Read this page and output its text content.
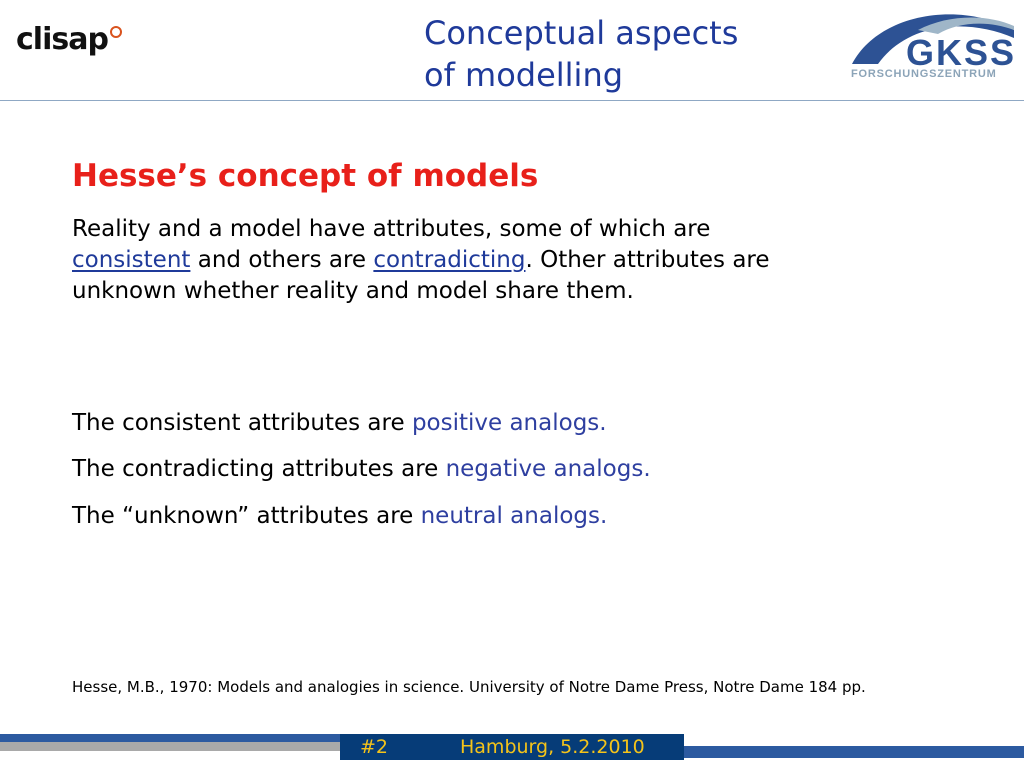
clisap	Conceptual aspects
of modelling
GKSS
FORSCHUNGSZENTRUM
Hesse’s concept of models
Reality and a model have attributes, some of which are consistent and others are contradicting. Other attributes are unknown whether reality and model share them.
The consistent attributes are positive analogs.
The contradicting attributes are negative analogs.
The “unknown” attributes are neutral analogs.
Hesse, M.B., 1970: Models and analogies in science. University of Notre Dame Press, Notre Dame 184 pp.
#2	Hamburg, 5.2.2010
